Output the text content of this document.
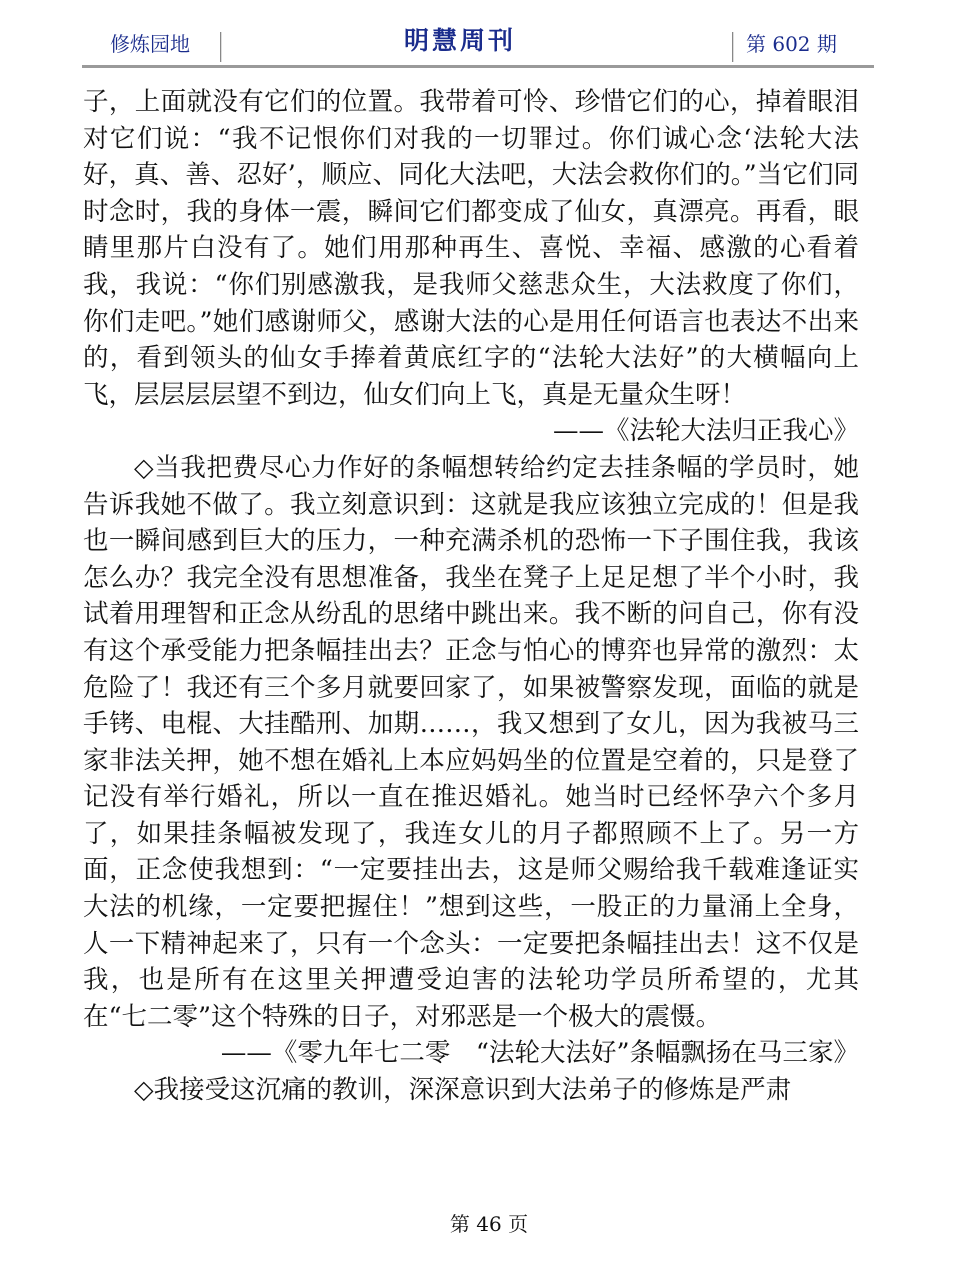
修炼园地	明慧周刊	第 602 期

子，上面就没有它们的位置。我带着可怜、珍惜它们的心，掉着眼泪对它们说：“我不记恨你们对我的一切罪过。你们诚心念‘法轮大法好，真、善、忍好’，顺应、同化大法吧，大法会救你们的。”当它们同时念时，我的身体一震，瞬间它们都变成了仙女，真漂亮。再看，眼睛里那片白没有了。她们用那种再生、喜悦、幸福、感激的心看着我，我说：“你们别感激我，是我师父慈悲众生，大法救度了你们，你们走吧。”她们感谢师父，感谢大法的心是用任何语言也表达不出来的，看到领头的仙女手捧着黄底红字的“法轮大法好”的大横幅向上飞，层层层层望不到边，仙女们向上飞，真是无量众生呀！

——《法轮大法归正我心》

◇当我把费尽心力作好的条幅想转给约定去挂条幅的学员时，她告诉我她不做了。我立刻意识到：这就是我应该独立完成的！但是我也一瞬间感到巨大的压力，一种充满杀机的恐怖一下子围住我，我该怎么办？我完全没有思想准备，我坐在凳子上足足想了半个小时，我试着用理智和正念从纷乱的思绪中跳出来。我不断的问自己，你有没有这个承受能力把条幅挂出去？正念与怕心的博弈也异常的激烈：太危险了！我还有三个多月就要回家了，如果被警察发现，面临的就是手铐、电棍、大挂酷刑、加期……，我又想到了女儿，因为我被马三家非法关押，她不想在婚礼上本应妈妈坐的位置是空着的，只是登了记没有举行婚礼，所以一直在推迟婚礼。她当时已经怀孕六个多月了，如果挂条幅被发现了，我连女儿的月子都照顾不上了。另一方面，正念使我想到：“一定要挂出去，这是师父赐给我千载难逢证实大法的机缘，一定要把握住！”想到这些，一股正的力量涌上全身，人一下精神起来了，只有一个念头：一定要把条幅挂出去！这不仅是我，也是所有在这里关押遭受迫害的法轮功学员所希望的，尤其在“七二零”这个特殊的日子，对邪恶是一个极大的震慑。

——《零九年七二零　“法轮大法好”条幅飘扬在马三家》

◇我接受这沉痛的教训，深深意识到大法弟子的修炼是严肃

第 46 页
